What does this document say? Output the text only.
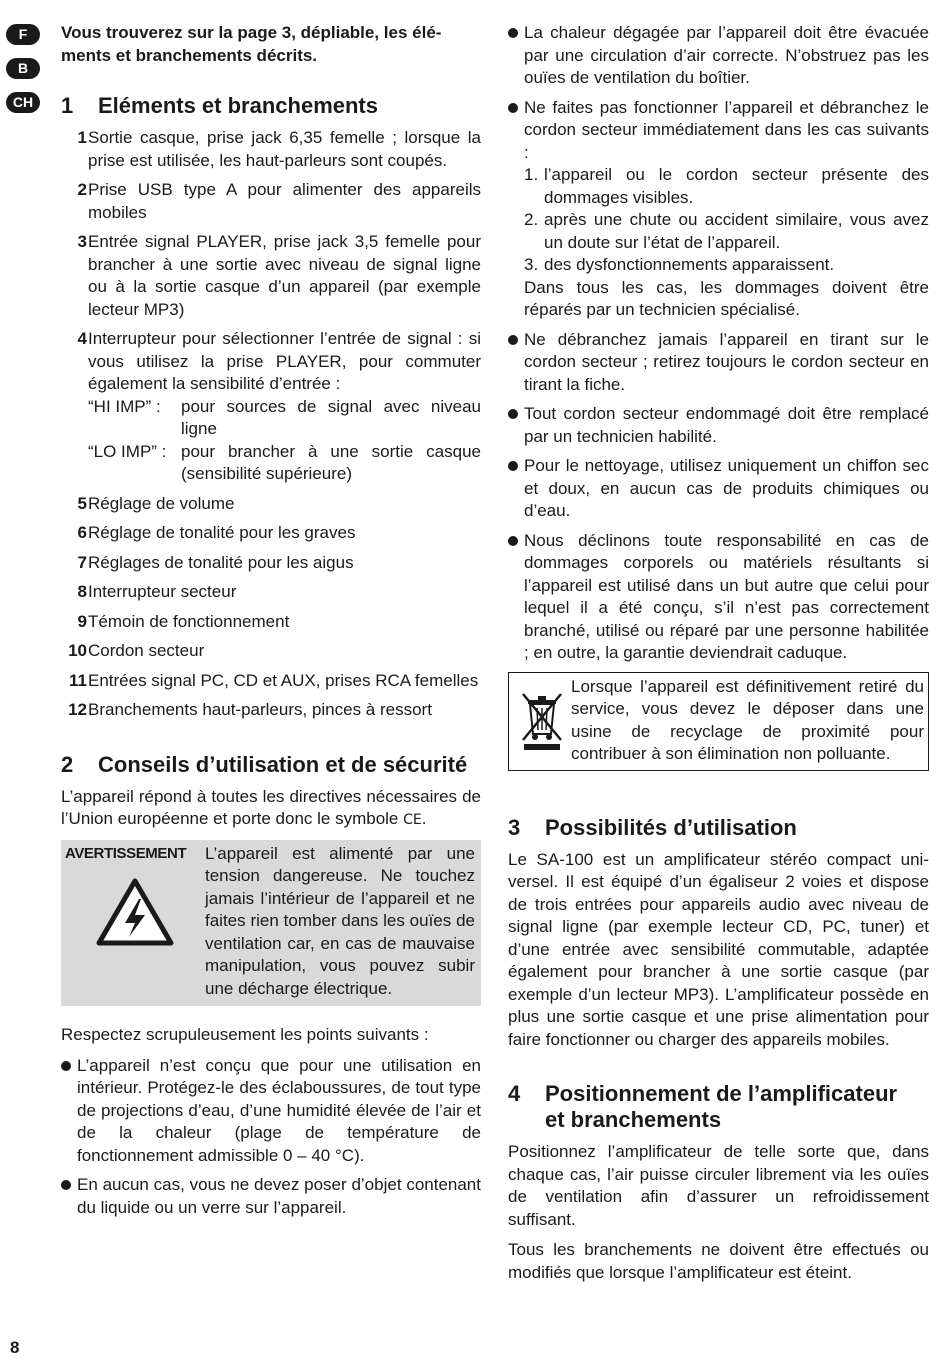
F
B
CH

Vous trouverez sur la page 3, dépliable, les éléments et branchements décrits.

1	Eléments et branchements
1 Sortie casque, prise jack 6,35 femelle ; lorsque la prise est utilisée, les haut-parleurs sont coupés.
2 Prise USB type A pour alimenter des appareils mobiles
3 Entrée signal PLAYER, prise jack 3,5 femelle pour brancher à une sortie avec niveau de signal ligne ou à la sortie casque d’un appareil (par exemple lecteur MP3)
4 Interrupteur pour sélectionner l’entrée de signal : si vous utilisez la prise PLAYER, pour commuter également la sensibilité d’entrée :
“HI IMP” :	pour sources de signal avec niveau ligne
“LO IMP” : pour brancher à une sortie casque (sensibilité supérieure)
5 Réglage de volume
6 Réglage de tonalité pour les graves
7 Réglages de tonalité pour les aigus
8 Interrupteur secteur
9 Témoin de fonctionnement
10 Cordon secteur
11 Entrées signal PC, CD et AUX, prises RCA femelles
12 Branchements haut-parleurs, pinces à ressort
2	Conseils d’utilisation et de sécurité

L’appareil répond à toutes les directives nécessaires de l’Union européenne et porte donc le symbole CE.

AVERTISSEMENT	L’appareil est alimenté par une tension dangereuse. Ne touchez jamais l’intérieur de l’appareil et ne faites rien tomber dans les ouïes de ventilation car, en cas de mauvaise manipulation, vous pouvez subir une décharge électrique.

Respectez scrupuleusement les points suivants :

L’appareil n’est conçu que pour une utilisation en intérieur. Protégez-le des éclaboussures, de tout type de projections d’eau, d’une humidité élevée de l’air et de la chaleur (plage de température de fonctionnement admissible 0 – 40 °C).
En aucun cas, vous ne devez poser d’objet contenant du liquide ou un verre sur l’appareil.
La chaleur dégagée par l’appareil doit être évacuée par une circulation d’air correcte. N’obstruez pas les ouïes de ventilation du boîtier.
Ne faites pas fonctionner l’appareil et débranchez le cordon secteur immédiatement dans les cas suivants :
1. l’appareil ou le cordon secteur présente des dommages visibles.
2. après une chute ou accident similaire, vous avez un doute sur l’état de l’appareil.
3. des dysfonctionnements apparaissent.
Dans tous les cas, les dommages doivent être réparés par un technicien spécialisé.
Ne débranchez jamais l’appareil en tirant sur le cordon secteur ; retirez toujours le cordon secteur en tirant la fiche.
Tout cordon secteur endommagé doit être remplacé par un technicien habilité.
Pour le nettoyage, utilisez uniquement un chiffon sec et doux, en aucun cas de produits chimiques ou d’eau.
Nous déclinons toute responsabilité en cas de dommages corporels ou matériels résultants si l’appareil est utilisé dans un but autre que celui pour lequel il a été conçu, s’il n’est pas correctement branché, utilisé ou réparé par une personne habilitée ; en outre, la garantie deviendrait caduque.
Lorsque l’appareil est définitivement retiré du service, vous devez le déposer dans une usine de recyclage de proximité pour contribuer à son élimination non polluante.
3	Possibilités d’utilisation

Le SA-100 est un amplificateur stéréo compact universel. Il est équipé d’un égaliseur 2 voies et dispose de trois entrées pour appareils audio avec niveau de signal ligne (par exemple lecteur CD, PC, tuner) et d’une entrée avec sensibilité commutable, adaptée également pour brancher à une sortie casque (par exemple d’un lecteur MP3). L’amplificateur possède en plus une sortie casque et une prise alimentation pour faire fonctionner ou charger des appareils mobiles.

4	Positionnement de l’amplificateur
et branchements

Positionnez l’amplificateur de telle sorte que, dans chaque cas, l’air puisse circuler librement via les ouïes de ventilation afin d’assurer un refroidissement suffisant.

Tous les branchements ne doivent être effectués ou modifiés que lorsque l’amplificateur est éteint.

8
